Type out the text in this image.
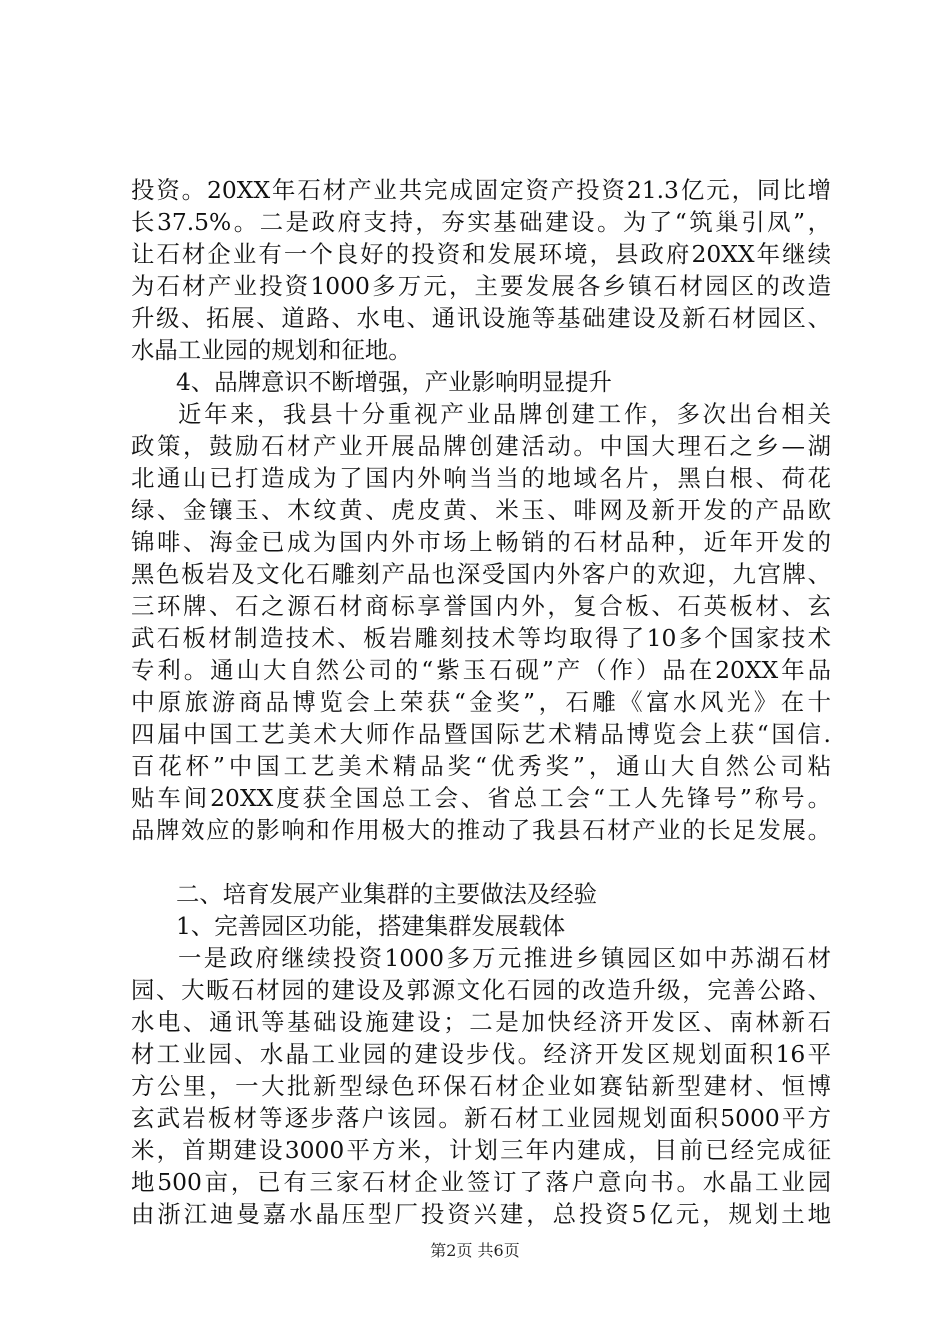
投资。20XX年石材产业共完成固定资产投资21.3亿元，同比增
长37.5%。二是政府支持，夯实基础建设。为了“筑巢引凤”，
让石材企业有一个良好的投资和发展环境，县政府20XX年继续
为石材产业投资1000多万元，主要发展各乡镇石材园区的改造
升级、拓展、道路、水电、通讯设施等基础建设及新石材园区、
水晶工业园的规划和征地。
4、品牌意识不断增强，产业影响明显提升
近年来，我县十分重视产业品牌创建工作，多次出台相关
政策，鼓励石材产业开展品牌创建活动。中国大理石之乡—湖
北通山已打造成为了国内外响当当的地域名片，黑白根、荷花
绿、金镶玉、木纹黄、虎皮黄、米玉、啡网及新开发的产品欧
锦啡、海金已成为国内外市场上畅销的石材品种，近年开发的
黑色板岩及文化石雕刻产品也深受国内外客户的欢迎，九宫牌、
三环牌、石之源石材商标享誉国内外，复合板、石英板材、玄
武石板材制造技术、板岩雕刻技术等均取得了10多个国家技术
专利。通山大自然公司的“紫玉石砚”产（作）品在20XX年品
中原旅游商品博览会上荣获“金奖”，石雕《富水风光》在十
四届中国工艺美术大师作品暨国际艺术精品博览会上获“国信.
百花杯”中国工艺美术精品奖“优秀奖”，通山大自然公司粘
贴车间20XX度获全国总工会、省总工会“工人先锋号”称号。
品牌效应的影响和作用极大的推动了我县石材产业的长足发展。
二、培育发展产业集群的主要做法及经验
1、完善园区功能，搭建集群发展载体
一是政府继续投资1000多万元推进乡镇园区如中苏湖石材
园、大畈石材园的建设及郭源文化石园的改造升级，完善公路、
水电、通讯等基础设施建设；二是加快经济开发区、南林新石
材工业园、水晶工业园的建设步伐。经济开发区规划面积16平
方公里，一大批新型绿色环保石材企业如赛钻新型建材、恒博
玄武岩板材等逐步落户该园。新石材工业园规划面积5000平方
米，首期建设3000平方米，计划三年内建成，目前已经完成征
地500亩，已有三家石材企业签订了落户意向书。水晶工业园
由浙江迪曼嘉水晶压型厂投资兴建，总投资5亿元，规划土地
第2页 共6页
